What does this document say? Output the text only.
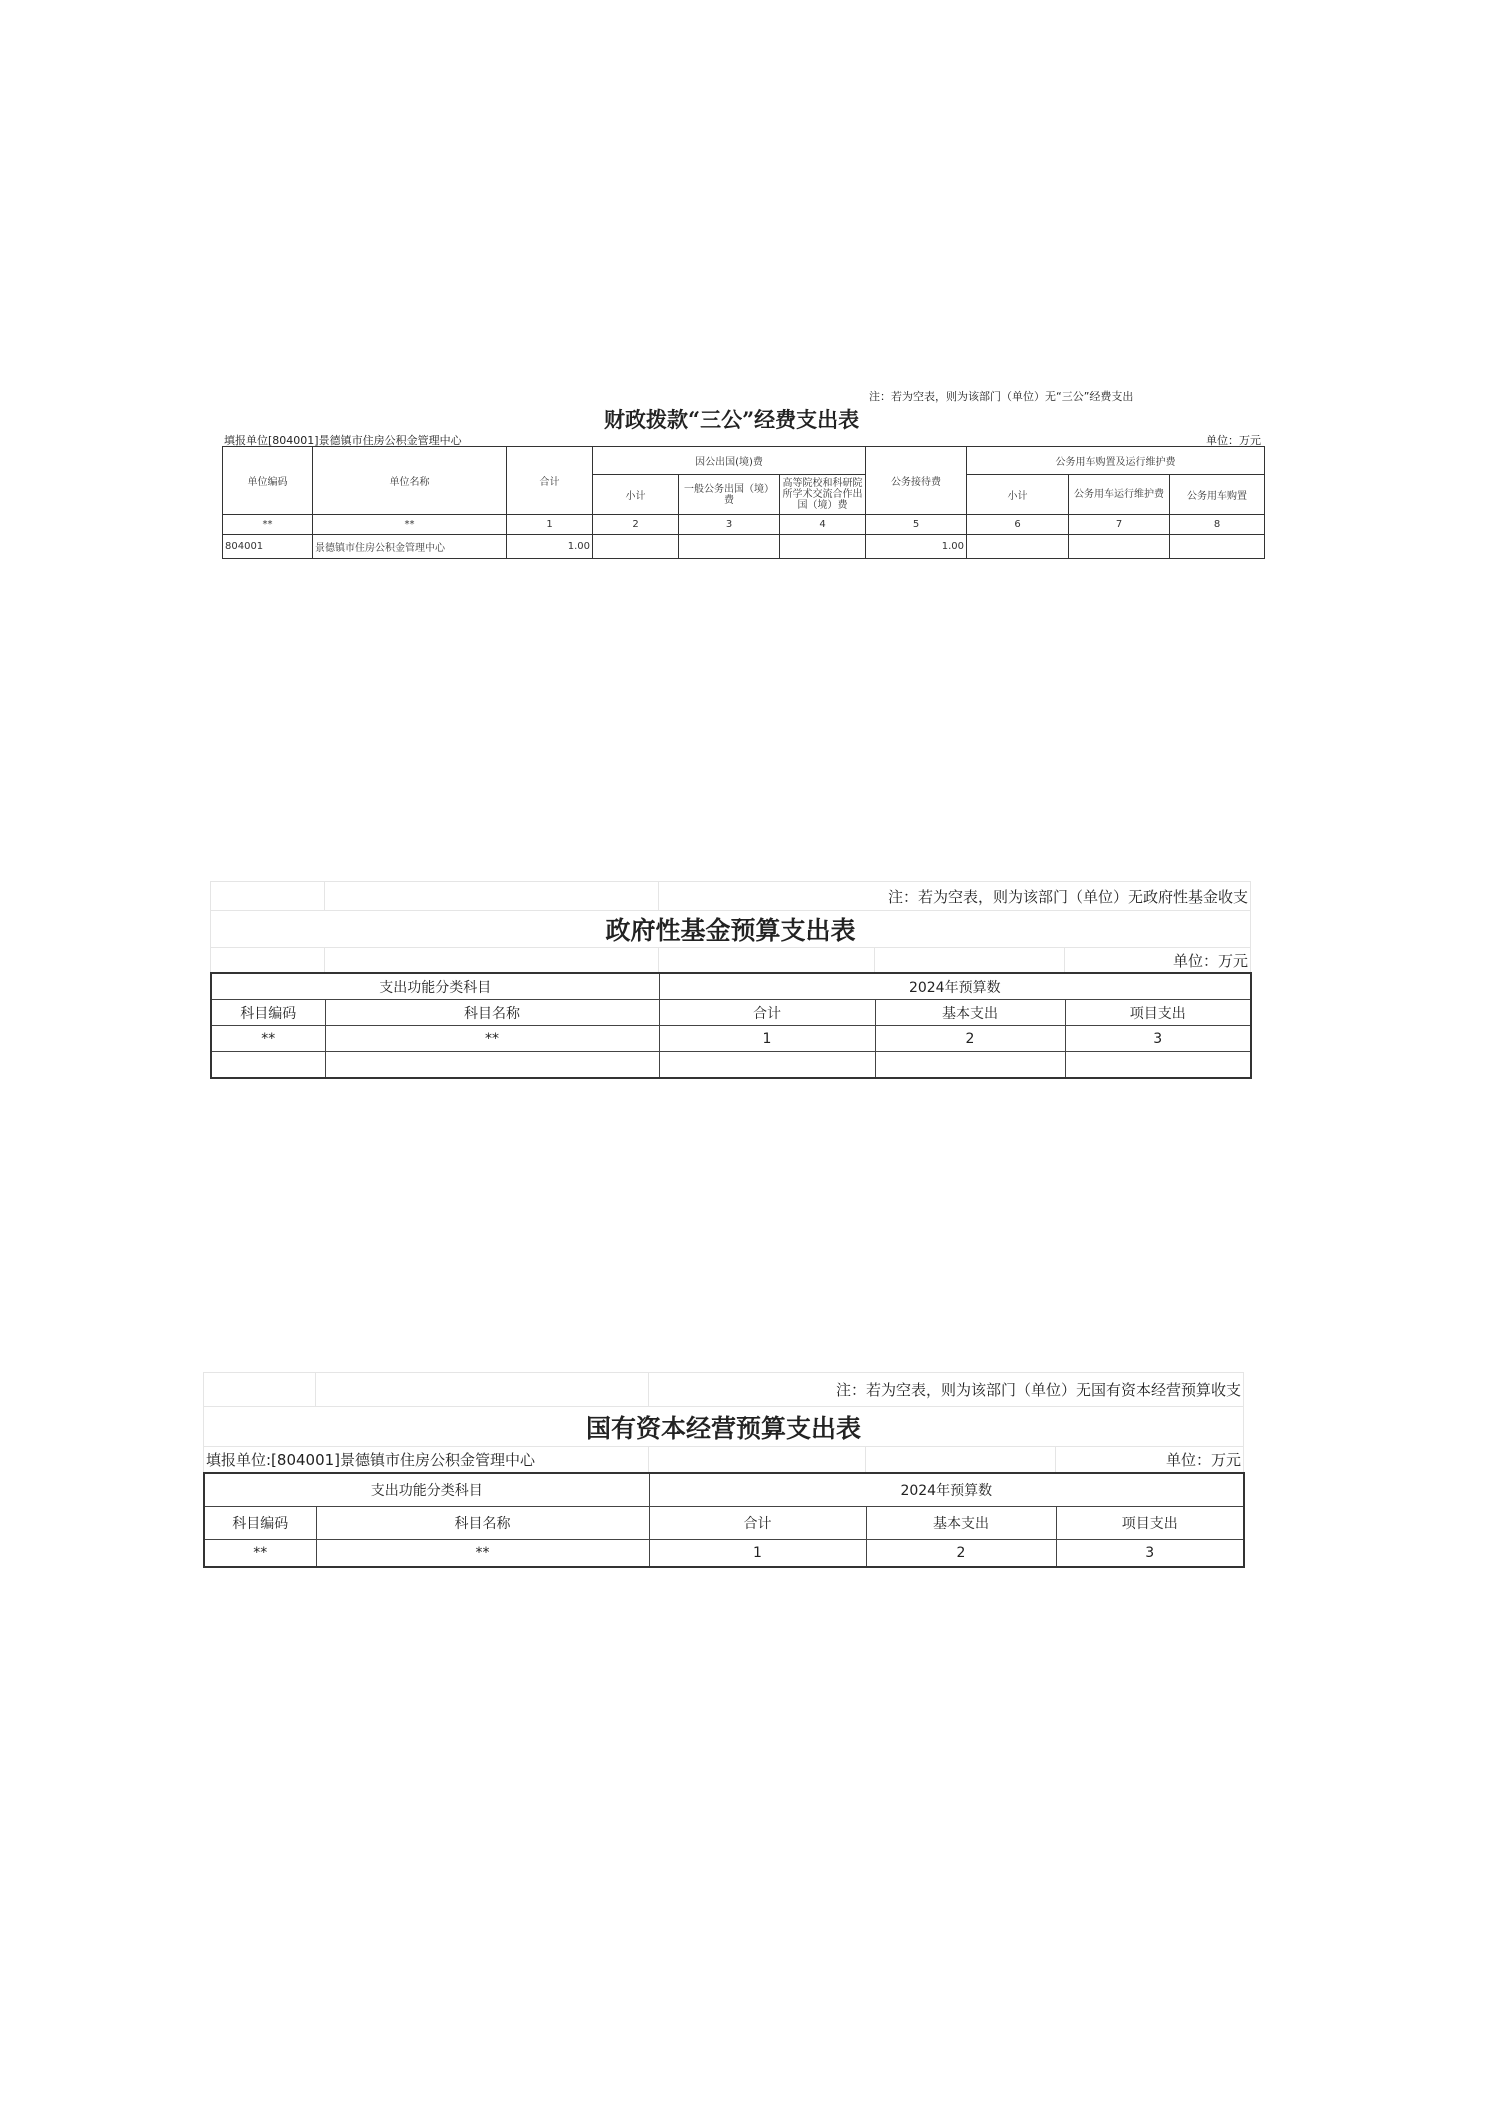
注：若为空表，则为该部门（单位）无“三公”经费支出
财政拨款“三公”经费支出表
填报单位[804001]景德镇市住房公积金管理中心	单位：万元
单位编码	单位名称	合计	因公出国(境)费			公务接待费	公务用车购置及运行维护费		
			小计	一般公务出国（境）费	高等院校和科研院所学术交流合作出国（境）费		小计	公务用车运行维护费	公务用车购置
**	**	1	2	3	4	5	6	7	8
804001	景德镇市住房公积金管理中心	1.00				1.00			
		注：若为空表，则为该部门（单位）无政府性基金收支		
政府性基金预算支出表				
				单位：万元
支出功能分类科目		2024年预算数		
科目编码	科目名称	合计	基本支出	项目支出
**	**	1	2	3

		注：若为空表，则为该部门（单位）无国有资本经营预算收支		
国有资本经营预算支出表				
填报单位:[804001]景德镇市住房公积金管理中心				单位：万元
支出功能分类科目		2024年预算数		
科目编码	科目名称	合计	基本支出	项目支出
**	**	1	2	3
